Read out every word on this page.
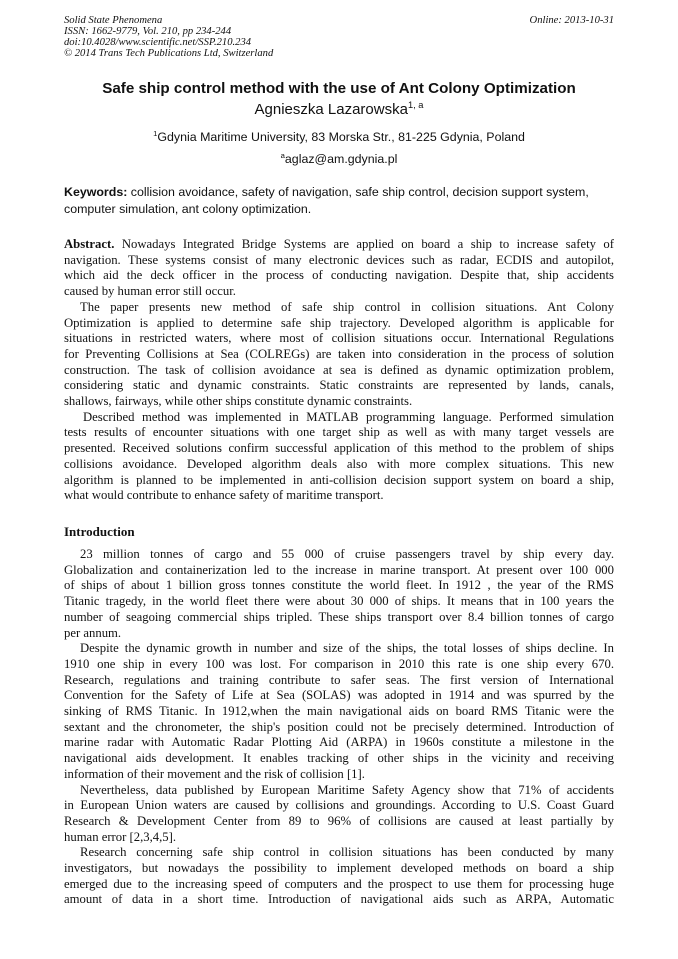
Solid State Phenomena
ISSN: 1662-9779, Vol. 210, pp 234-244
doi:10.4028/www.scientific.net/SSP.210.234
© 2014 Trans Tech Publications Ltd, Switzerland
Online: 2013-10-31
Safe ship control method with the use of Ant Colony Optimization
Agnieszka Lazarowska$^{1, a}$
$^1$Gdynia Maritime University, 83 Morska Str., 81-225 Gdynia, Poland
$^a$aglaz@am.gdynia.pl
Keywords: collision avoidance, safety of navigation, safe ship control, decision support system, computer simulation, ant colony optimization.
Abstract. Nowadays Integrated Bridge Systems are applied on board a ship to increase safety of
navigation. These systems consist of many electronic devices such as radar, ECDIS and autopilot,
which aid the deck officer in the process of conducting navigation. Despite that, ship accidents
caused by human error still occur.
The paper presents new method of safe ship control in collision situations. Ant Colony
Optimization is applied to determine safe ship trajectory. Developed algorithm is applicable for
situations in restricted waters, where most of collision situations occur. International Regulations
for Preventing Collisions at Sea (COLREGs) are taken into consideration in the process of solution
construction. The task of collision avoidance at sea is defined as dynamic optimization problem,
considering static and dynamic constraints. Static constraints are represented by lands, canals,
shallows, fairways, while other ships constitute dynamic constraints.
Described method was implemented in MATLAB programming language. Performed simulation
tests results of encounter situations with one target ship as well as with many target vessels are
presented. Received solutions confirm successful application of this method to the problem of ships
collisions avoidance. Developed algorithm deals also with more complex situations. This new
algorithm is planned to be implemented in anti-collision decision support system on board a ship,
what would contribute to enhance safety of maritime transport.
Introduction
23 million tonnes of cargo and 55 000 of cruise passengers travel by ship every day.
Globalization and containerization led to the increase in marine transport. At present over 100 000
of ships of about 1 billion gross tonnes constitute the world fleet. In 1912 , the year of the RMS
Titanic tragedy, in the world fleet there were about 30 000 of ships. It means that in 100 years the
number of seagoing commercial ships tripled. These ships transport over 8.4 billion tonnes of cargo
per annum.
Despite the dynamic growth in number and size of the ships, the total losses of ships decline. In
1910 one ship in every 100 was lost. For comparison in 2010 this rate is one ship every 670.
Research, regulations and training contribute to safer seas. The first version of International
Convention for the Safety of Life at Sea (SOLAS) was adopted in 1914 and was spurred by the
sinking of RMS Titanic. In 1912,when the main navigational aids on board RMS Titanic were the
sextant and the chronometer, the ship's position could not be precisely determined. Introduction of
marine radar with Automatic Radar Plotting Aid (ARPA) in 1960s constitute a milestone in the
navigational aids development. It enables tracking of other ships in the vicinity and receiving
information of their movement and the risk of collision [1].
Nevertheless, data published by European Maritime Safety Agency show that 71% of accidents
in European Union waters are caused by collisions and groundings. According to U.S. Coast Guard
Research & Development Center from 89 to 96% of collisions are caused at least partially by
human error [2,3,4,5].
Research concerning safe ship control in collision situations has been conducted by many
investigators, but nowadays the possibility to implement developed methods on board a ship
emerged due to the increasing speed of computers and the prospect to use them for processing huge
amount of data in a short time. Introduction of navigational aids such as ARPA, Automatic
